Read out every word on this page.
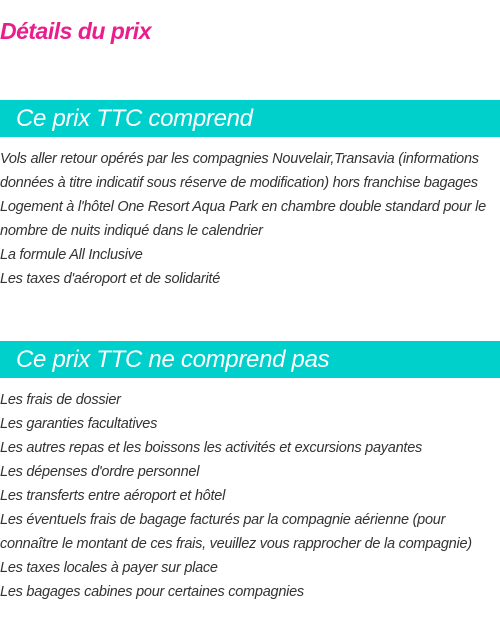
Détails du prix
Ce prix TTC comprend
Vols aller retour opérés par les compagnies Nouvelair,Transavia (informations données à titre indicatif sous réserve de modification) hors franchise bagages
Logement à l'hôtel One Resort Aqua Park en chambre double standard pour le nombre de nuits indiqué dans le calendrier
La formule All Inclusive
Les taxes d'aéroport et de solidarité
Ce prix TTC ne comprend pas
Les frais de dossier
Les garanties facultatives
Les autres repas et les boissons les activités et excursions payantes
Les dépenses d'ordre personnel
Les transferts entre aéroport et hôtel
Les éventuels frais de bagage facturés par la compagnie aérienne (pour connaître le montant de ces frais, veuillez vous rapprocher de la compagnie)
Les taxes locales à payer sur place
Les bagages cabines pour certaines compagnies
